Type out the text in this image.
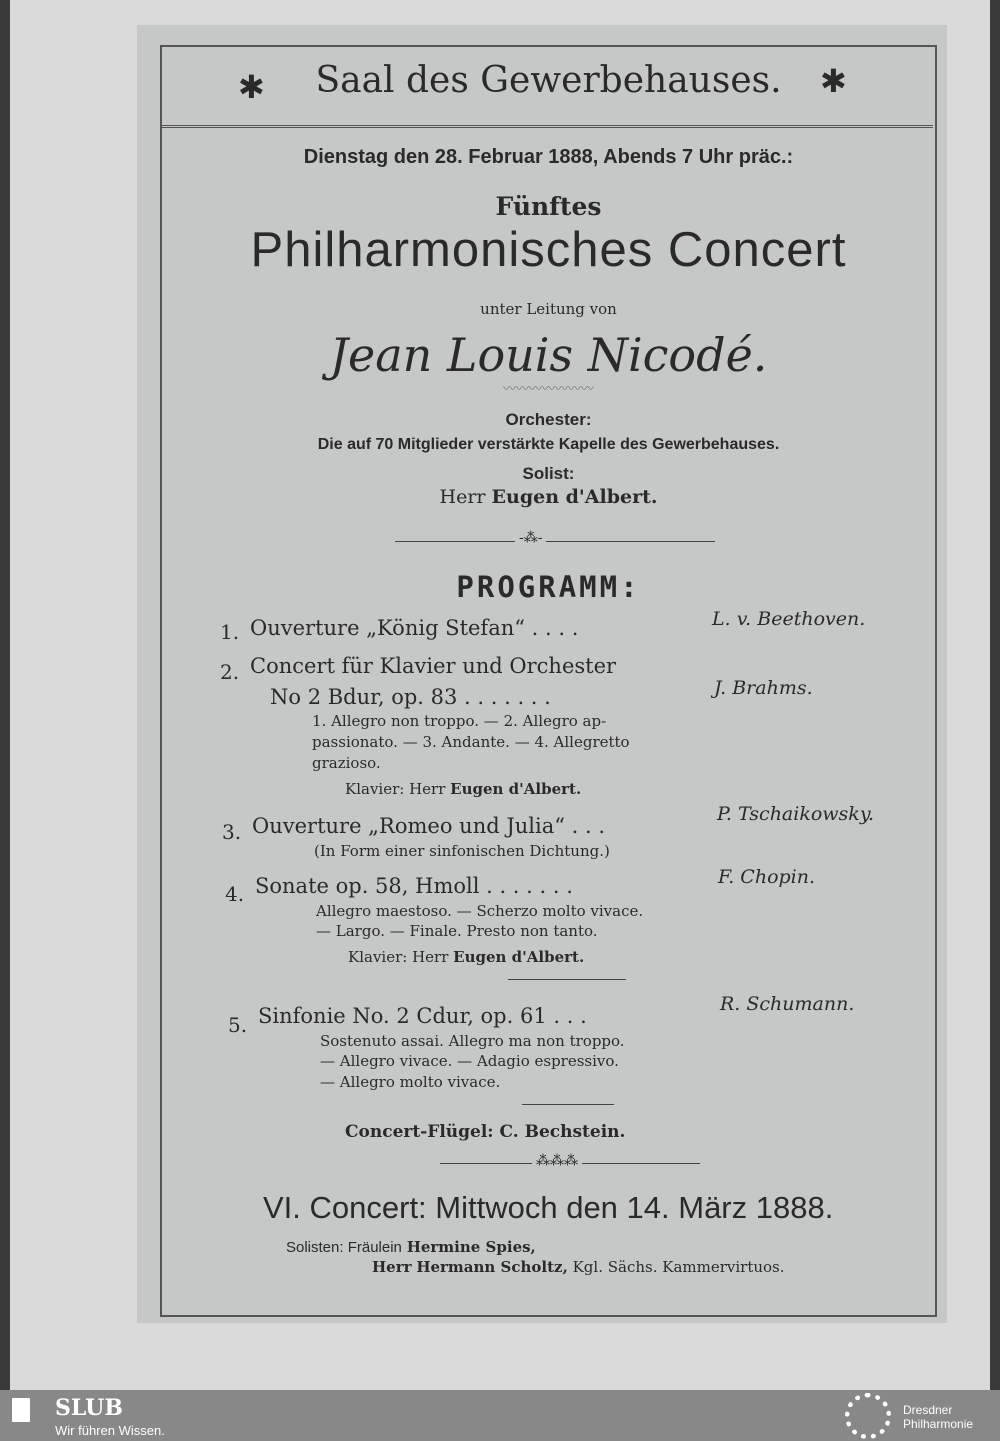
✱	✱
Saal des Gewerbehauses.
Dienstag den 28. Februar 1888, Abends 7 Uhr präc.:
Fünftes
Philharmonisches Concert
unter Leitung von
Jean Louis Nicodé.
〰〰〰〰〰〰〰
Orchester:
Die auf 70 Mitglieder verstärkte Kapelle des Gewerbehauses.
Solist:
Herr Eugen d'Albert.
-⁂-
PROGRAMM:
1. Ouverture „König Stefan“ . . . .	L. v. Beethoven.
2. Concert für Klavier und Orchester
No 2 Bdur, op. 83 . . . . . . .	J. Brahms.
1. Allegro non troppo. — 2. Allegro ap-
passionato. — 3. Andante. — 4. Allegretto
grazioso.
Klavier: Herr Eugen d'Albert.
3. Ouverture „Romeo und Julia“ . . .	P. Tschaikowsky.
(In Form einer sinfonischen Dichtung.)
4. Sonate op. 58, Hmoll . . . . . . .	F. Chopin.
Allegro maestoso. — Scherzo molto vivace.
— Largo. — Finale. Presto non tanto.
Klavier: Herr Eugen d'Albert.
5. Sinfonie No. 2 Cdur, op. 61 . . .	R. Schumann.
Sostenuto assai. Allegro ma non troppo.
— Allegro vivace. — Adagio espressivo.
— Allegro molto vivace.
Concert-Flügel: C. Bechstein.
⁂⁂⁂
VI. Concert: Mittwoch den 14. März 1888.
Solisten: Fräulein Hermine Spies,
Herr Hermann Scholtz, Kgl. Sächs. Kammervirtuos.
SLUB
Wir führen Wissen.
Dresdner
Philharmonie
